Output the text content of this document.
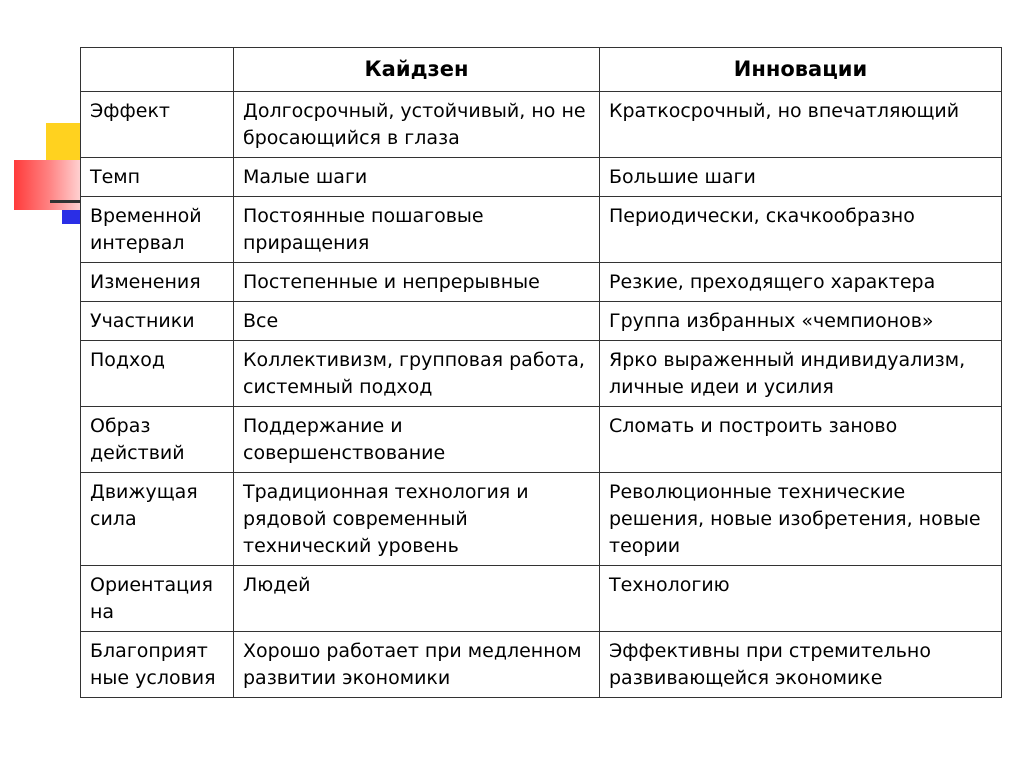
	Кайдзен	Инновации
Эффект	Долгосрочный, устойчивый, но не бросающийся в глаза	Краткосрочный, но впечатляющий
Темп	Малые шаги	Большие шаги
Временной интервал	Постоянные пошаговые приращения	Периодически, скачкообразно
Изменения	Постепенные и непрерывные	Резкие, преходящего характера
Участники	Все	Группа избранных «чемпионов»
Подход	Коллективизм, групповая работа, системный подход	Ярко выраженный индивидуализм, личные идеи и усилия
Образ действий	Поддержание и совершенствование	Сломать и построить заново
Движущая сила	Традиционная технология и рядовой современный технический уровень	Революционные технические решения, новые изобретения, новые теории
Ориентация на	Людей	Технологию
Благоприят ные условия	Хорошо работает при медленном развитии экономики	Эффективны при стремительно развивающейся экономике
